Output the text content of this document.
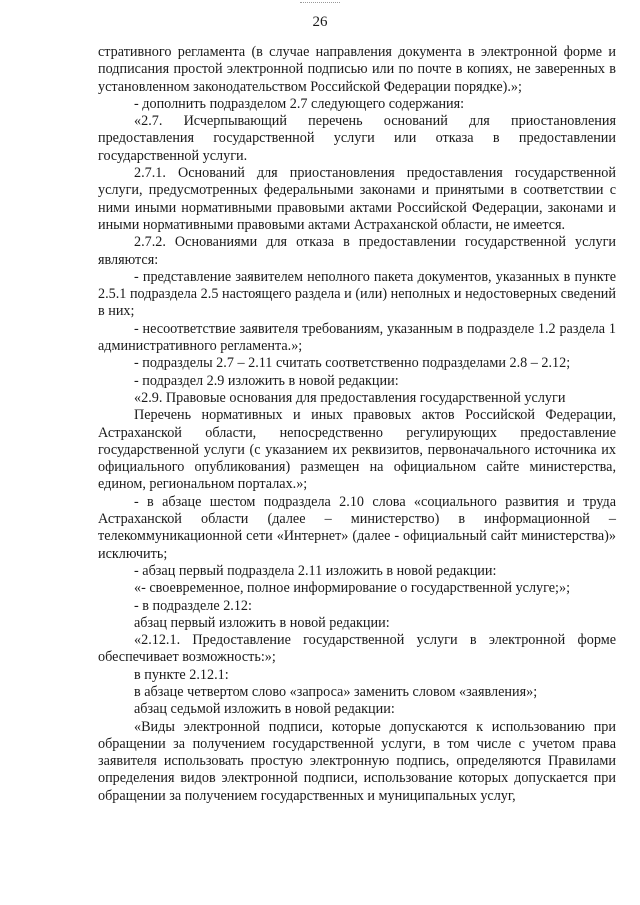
26

стративного регламента (в случае направления документа в электронной форме и подписания простой электронной подписью или по почте в копиях, не заверенных в установленном законодательством Российской Федерации порядке).»;

- дополнить подразделом 2.7 следующего содержания:

«2.7. Исчерпывающий перечень оснований для приостановления предоставления государственной услуги или отказа в предоставлении государственной услуги.

2.7.1. Оснований для приостановления предоставления государственной услуги, предусмотренных федеральными законами и принятыми в соответствии с ними иными нормативными правовыми актами Российской Федерации, законами и иными нормативными правовыми актами Астраханской области, не имеется.

2.7.2. Основаниями для отказа в предоставлении государственной услуги являются:

- представление заявителем неполного пакета документов, указанных в пункте 2.5.1 подраздела 2.5 настоящего раздела и (или) неполных и недостоверных сведений в них;

- несоответствие заявителя требованиям, указанным в подразделе 1.2 раздела 1 административного регламента.»;

- подразделы 2.7 – 2.11 считать соответственно подразделами 2.8 – 2.12;

- подраздел 2.9 изложить в новой редакции:

«2.9. Правовые основания для предоставления государственной услуги

Перечень нормативных и иных правовых актов Российской Федерации, Астраханской области, непосредственно регулирующих предоставление государственной услуги (с указанием их реквизитов, первоначального источника их официального опубликования) размещен на официальном сайте министерства, едином, региональном порталах.»;

- в абзаце шестом подраздела 2.10 слова «социального развития и труда Астраханской области (далее – министерство) в информационной – телекоммуникационной сети «Интернет» (далее - официальный сайт министерства)» исключить;

- абзац первый подраздела 2.11 изложить в новой редакции:

«- своевременное, полное информирование о государственной услуге;»;

- в подразделе 2.12:

абзац первый изложить в новой редакции:

«2.12.1. Предоставление государственной услуги в электронной форме обеспечивает возможность:»;

в пункте 2.12.1:

в абзаце четвертом слово «запроса» заменить словом «заявления»;

абзац седьмой изложить в новой редакции:

«Виды электронной подписи, которые допускаются к использованию при обращении за получением государственной услуги, в том числе с учетом права заявителя использовать простую электронную подпись, определяются Правилами определения видов электронной подписи, использование которых допускается при обращении за получением государственных и муниципальных услуг,
